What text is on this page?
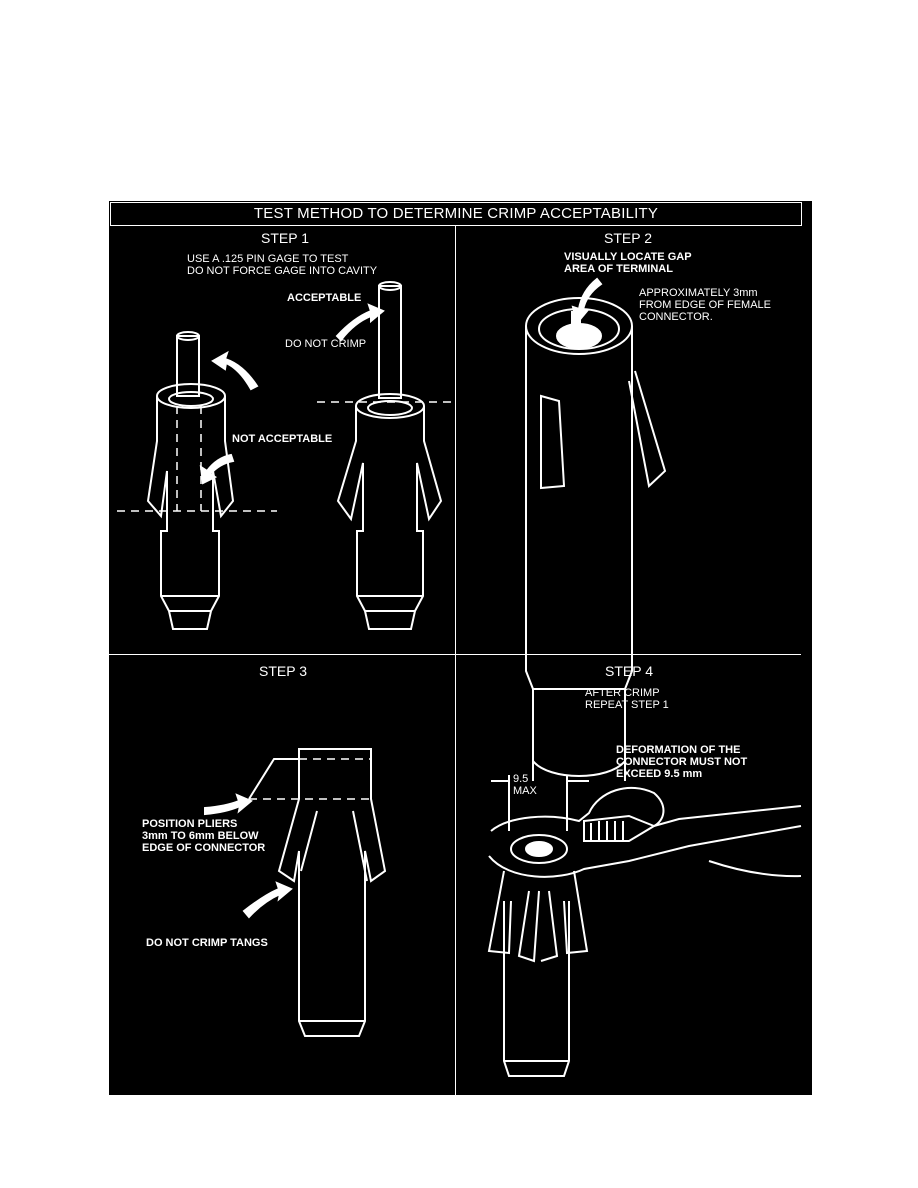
TEST METHOD TO DETERMINE CRIMP ACCEPTABILITY
STEP 1
USE A .125 PIN GAGE TO TEST
DO NOT FORCE GAGE INTO CAVITY
ACCEPTABLE
DO NOT CRIMP
NOT ACCEPTABLE
STEP 2
VISUALLY LOCATE GAP
AREA OF TERMINAL
APPROXIMATELY 3mm
FROM EDGE OF FEMALE
CONNECTOR.
STEP 3
POSITION PLIERS
3mm TO 6mm BELOW
EDGE OF CONNECTOR
DO NOT CRIMP TANGS
STEP 4
AFTER CRIMP
REPEAT STEP 1
DEFORMATION OF THE
CONNECTOR MUST NOT
EXCEED 9.5 mm
9.5
MAX
